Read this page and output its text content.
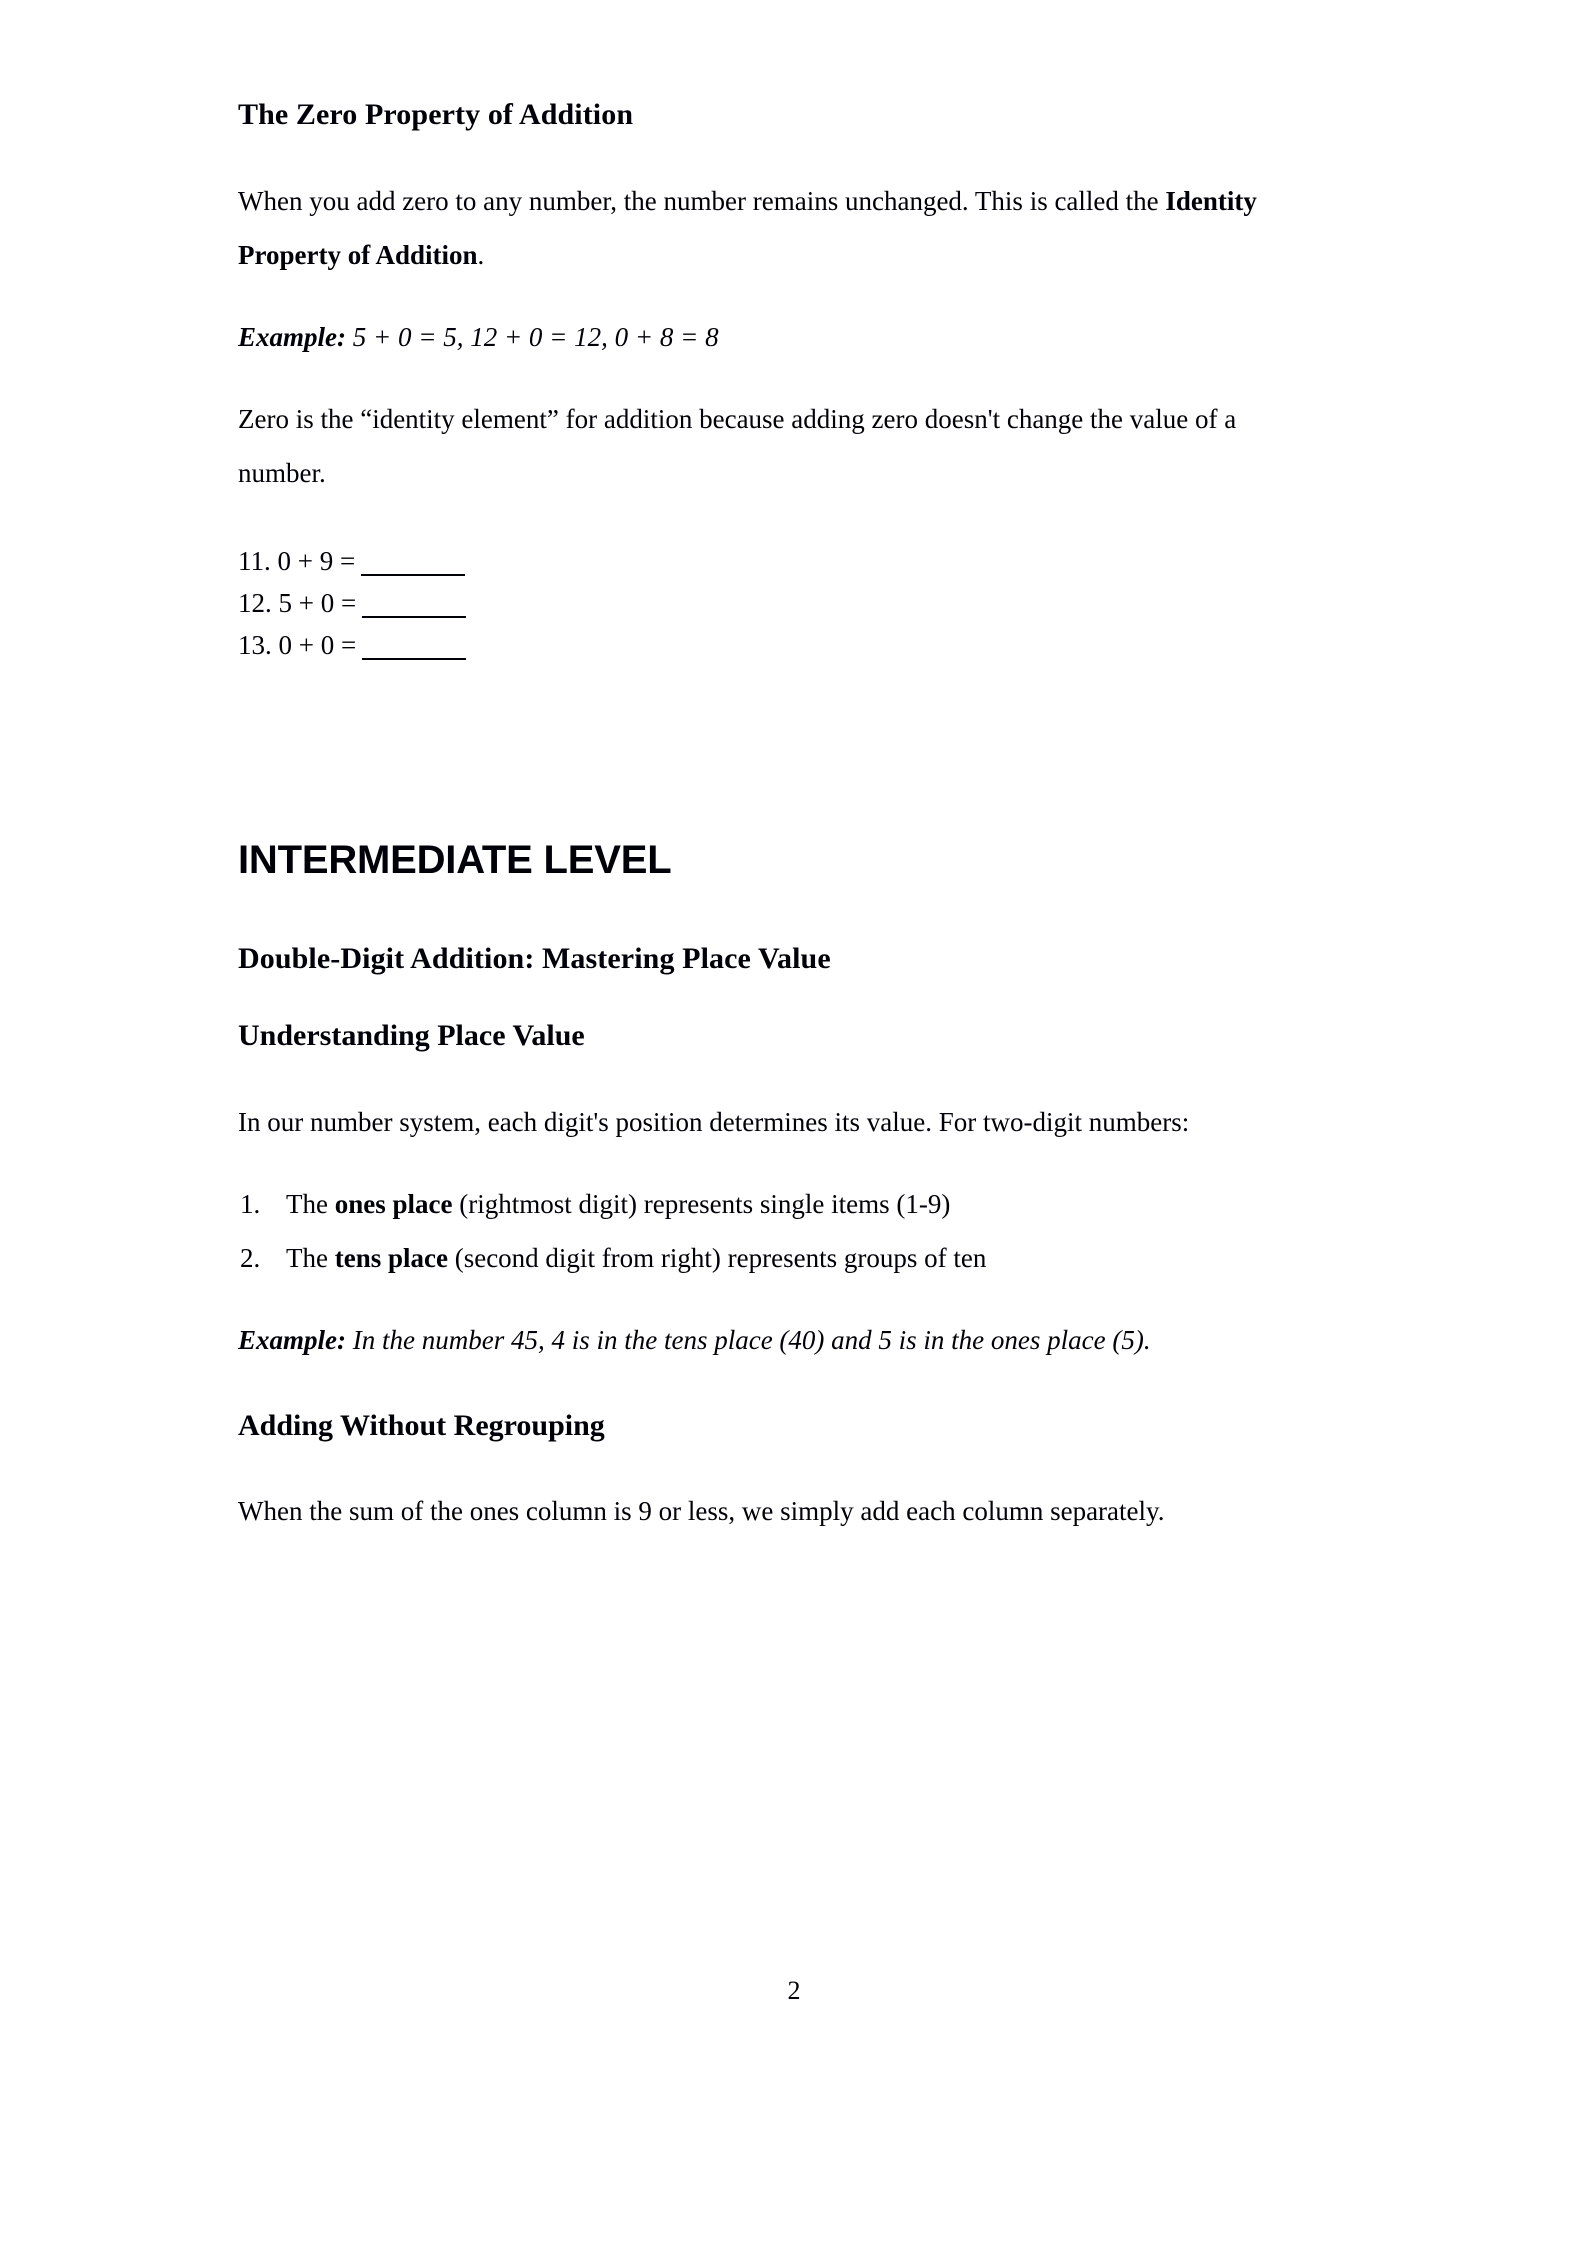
The Zero Property of Addition

When you add zero to any number, the number remains unchanged. This is called the Identity Property of Addition.

Example: 5 + 0 = 5, 12 + 0 = 12, 0 + 8 = 8

Zero is the “identity element” for addition because adding zero doesn't change the value of a number.

11. 0 + 9 =
12. 5 + 0 =
13. 0 + 0 =
INTERMEDIATE LEVEL
Double-Digit Addition: Mastering Place Value
Understanding Place Value

In our number system, each digit's position determines its value. For two-digit numbers:

1. The ones place (rightmost digit) represents single items (1-9)
2. The tens place (second digit from right) represents groups of ten

Example: In the number 45, 4 is in the tens place (40) and 5 is in the ones place (5).

Adding Without Regrouping

When the sum of the ones column is 9 or less, we simply add each column separately.

2
